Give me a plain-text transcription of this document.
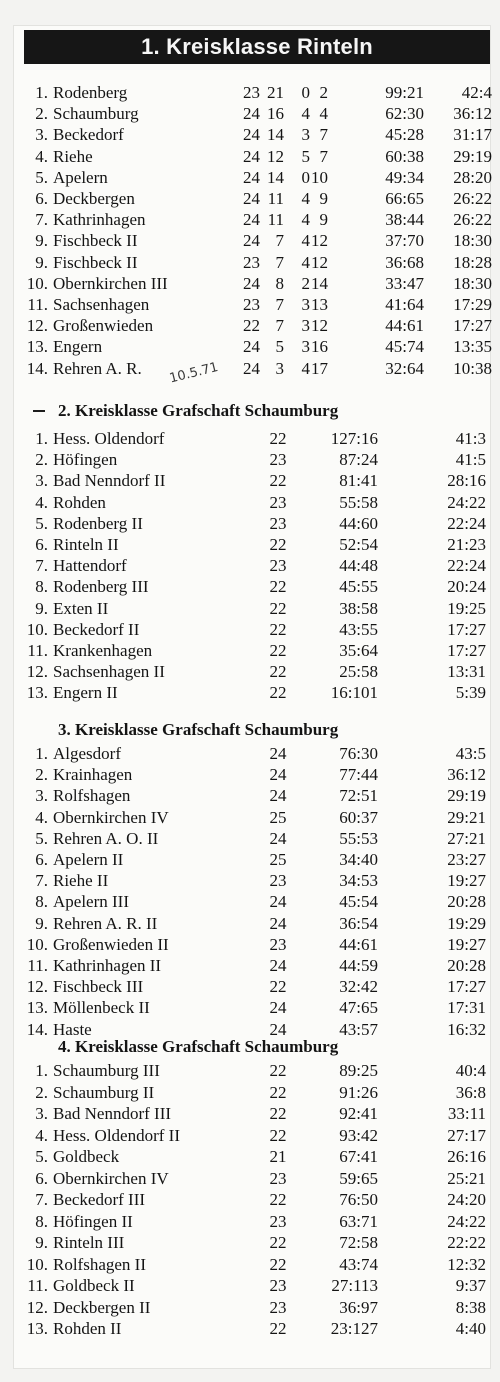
1. Kreisklasse Rinteln
10.5.71
1. Rodenberg	23 21	0 2	99:21	42:4
2. Schaumburg	24 16	4 4	62:30	36:12
3. Beckedorf	24 14	3 7	45:28	31:17
4. Riehe	24 12	5 7	60:38	29:19
5. Apelern	24 14	0 10	49:34	28:20
6. Deckbergen	24 11	4 9	66:65	26:22
7. Kathrinhagen	24 11	4 9	38:44	26:22
9. Fischbeck II	24 7	4 12	37:70	18:30
9. Fischbeck II	23 7	4 12	36:68	18:28
10. Obernkirchen III	24 8	2 14	33:47	18:30
11. Sachsenhagen	23 7	3 13	41:64	17:29
12. Großenwieden	22 7	3 12	44:61	17:27
13. Engern	24 5	3 16	45:74	13:35
14. Rehren A. R.	24 3	4 17	32:64	10:38
2. Kreisklasse Grafschaft Schaumburg
1. Hess. Oldendorf	22	127:16	41:3
2. Höfingen	23	87:24	41:5
3. Bad Nenndorf II	22	81:41	28:16
4. Rohden	23	55:58	24:22
5. Rodenberg II	23	44:60	22:24
6. Rinteln II	22	52:54	21:23
7. Hattendorf	23	44:48	22:24
8. Rodenberg III	22	45:55	20:24
9. Exten II	22	38:58	19:25
10. Beckedorf II	22	43:55	17:27
11. Krankenhagen	22	35:64	17:27
12. Sachsenhagen II	22	25:58	13:31
13. Engern II	22	16:101	5:39
3. Kreisklasse Grafschaft Schaumburg
1. Algesdorf	24	76:30	43:5
2. Krainhagen	24	77:44	36:12
3. Rolfshagen	24	72:51	29:19
4. Obernkirchen IV	25	60:37	29:21
5. Rehren A. O. II	24	55:53	27:21
6. Apelern II	25	34:40	23:27
7. Riehe II	23	34:53	19:27
8. Apelern III	24	45:54	20:28
9. Rehren A. R. II	24	36:54	19:29
10. Großenwieden II	23	44:61	19:27
11. Kathrinhagen II	24	44:59	20:28
12. Fischbeck III	22	32:42	17:27
13. Möllenbeck II	24	47:65	17:31
14. Haste	24	43:57	16:32
4. Kreisklasse Grafschaft Schaumburg
1. Schaumburg III	22	89:25	40:4
2. Schaumburg II	22	91:26	36:8
3. Bad Nenndorf III	22	92:41	33:11
4. Hess. Oldendorf II	22	93:42	27:17
5. Goldbeck	21	67:41	26:16
6. Obernkirchen IV	23	59:65	25:21
7. Beckedorf III	22	76:50	24:20
8. Höfingen II	23	63:71	24:22
9. Rinteln III	22	72:58	22:22
10. Rolfshagen II	22	43:74	12:32
11. Goldbeck II	23	27:113	9:37
12. Deckbergen II	23	36:97	8:38
13. Rohden II	22	23:127	4:40
